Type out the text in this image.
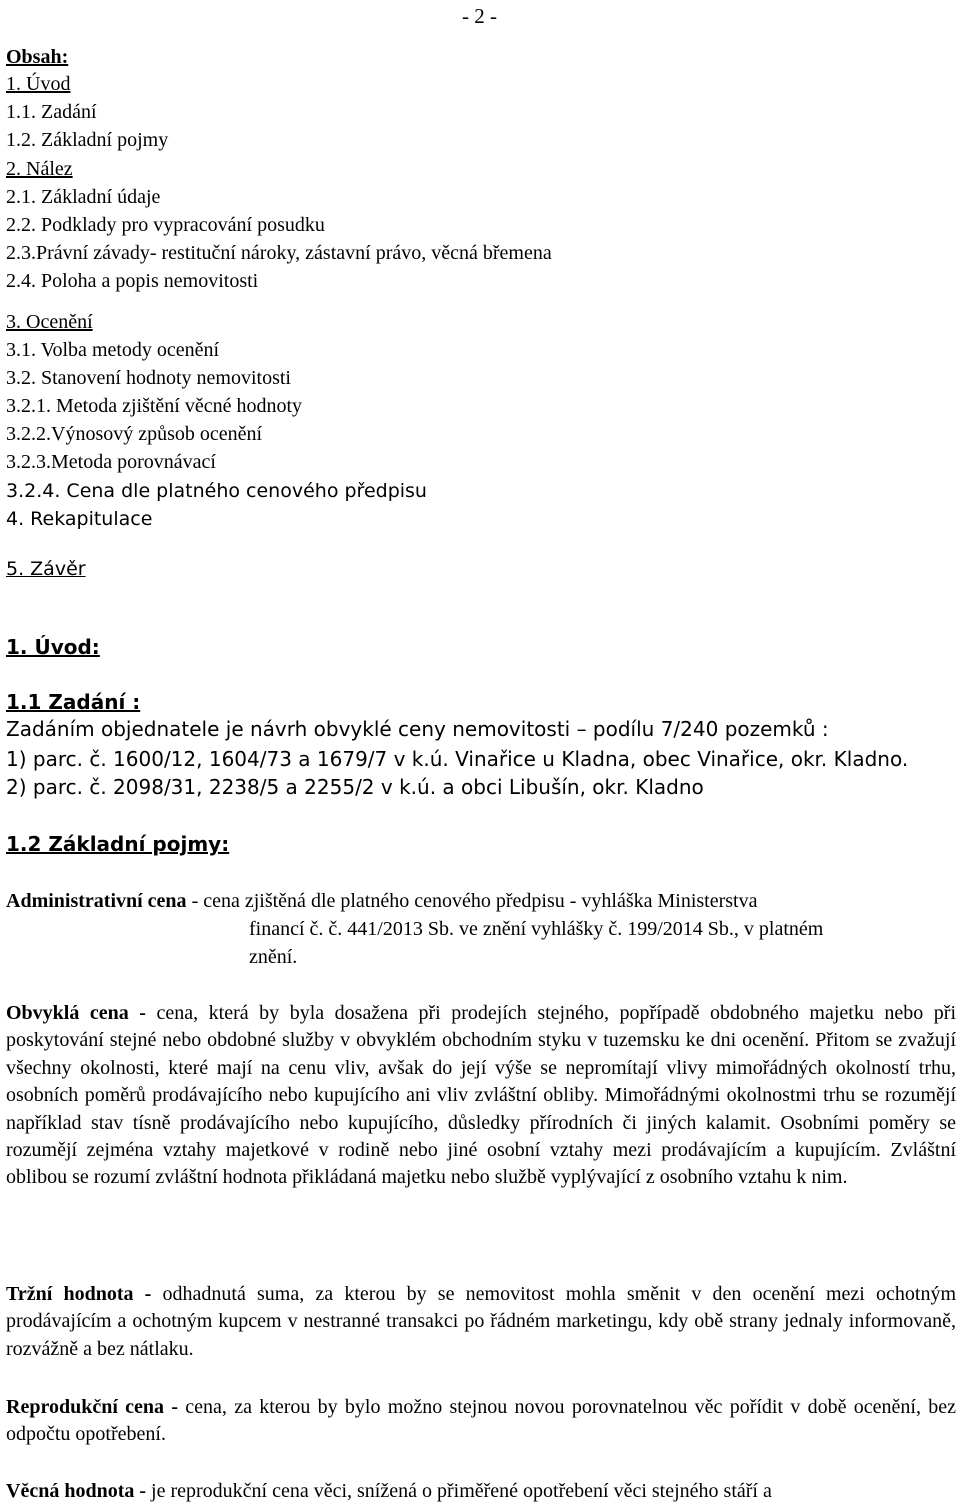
- 2 -
Obsah:
1. Úvod
1.1. Zadání
1.2. Základní pojmy
2. Nález
2.1. Základní údaje
2.2. Podklady pro vypracování posudku
2.3.Právní závady- restituční nároky, zástavní právo, věcná břemena
2.4. Poloha a popis nemovitosti
3. Ocenění
3.1. Volba metody ocenění
3.2. Stanovení hodnoty nemovitosti
3.2.1. Metoda zjištění věcné hodnoty
3.2.2.Výnosový způsob ocenění
3.2.3.Metoda porovnávací
3.2.4. Cena dle platného cenového předpisu
4. Rekapitulace
5. Závěr
1. Úvod:
1.1 Zadání :
Zadáním objednatele je návrh obvyklé ceny nemovitosti – podílu 7/240 pozemků :
1) parc. č. 1600/12, 1604/73 a 1679/7 v k.ú. Vinařice u Kladna, obec Vinařice, okr. Kladno.
2) parc. č. 2098/31, 2238/5 a 2255/2 v k.ú. a obci Libušín, okr. Kladno
1.2 Základní pojmy:
Administrativní cena - cena zjištěná dle platného cenového předpisu - vyhláška Ministerstva
financí č. č. 441/2013 Sb. ve znění vyhlášky č. 199/2014 Sb., v platném
znění.
Obvyklá cena - cena, která by byla dosažena při prodejích stejného, popřípadě obdobného majetku nebo při poskytování stejné nebo obdobné služby v obvyklém obchodním styku v tuzemsku ke dni ocenění. Přitom se zvažují všechny okolnosti, které mají na cenu vliv, avšak do její výše se nepromítají vlivy mimořádných okolností trhu, osobních poměrů prodávajícího nebo kupujícího ani vliv zvláštní obliby. Mimořádnými okolnostmi trhu se rozumějí například stav tísně prodávajícího nebo kupujícího, důsledky přírodních či jiných kalamit. Osobními poměry se rozumějí zejména vztahy majetkové v rodině nebo jiné osobní vztahy mezi prodávajícím a kupujícím. Zvláštní oblibou se rozumí zvláštní hodnota přikládaná majetku nebo službě vyplývající z osobního vztahu k nim.
Tržní hodnota - odhadnutá suma, za kterou by se nemovitost mohla směnit v den ocenění mezi ochotným prodávajícím a ochotným kupcem v nestranné transakci po řádném marketingu, kdy obě strany jednaly informovaně, rozvážně a bez nátlaku.
Reprodukční cena - cena, za kterou by bylo možno stejnou novou porovnatelnou věc pořídit v době ocenění, bez odpočtu opotřebení.
Věcná hodnota - je reprodukční cena věci, snížená o přiměřené opotřebení věci stejného stáří a
